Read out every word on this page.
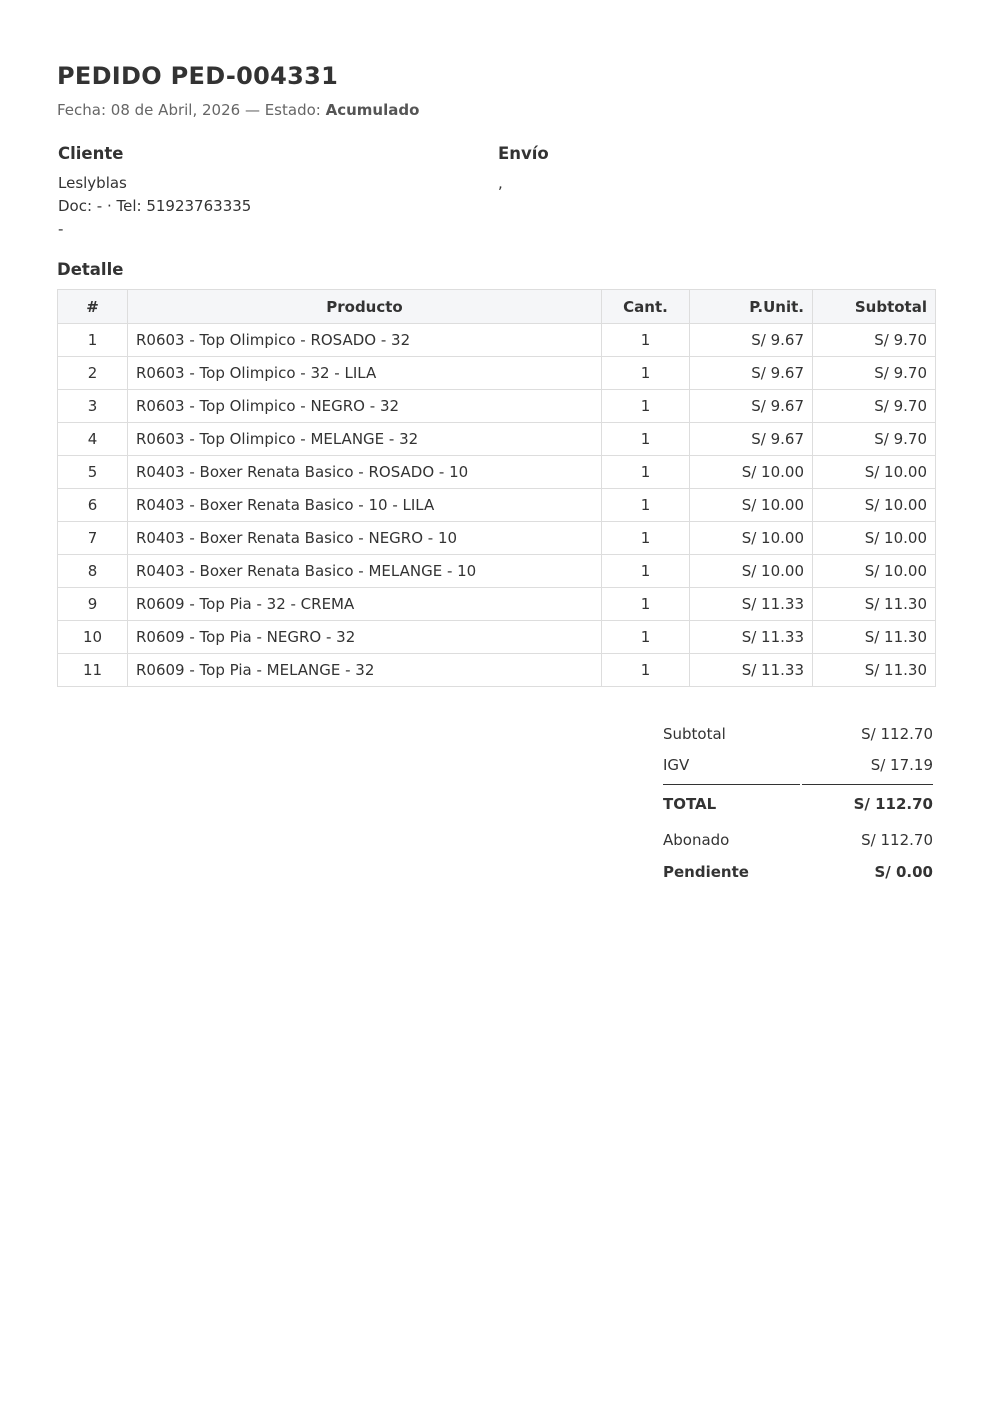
PEDIDO PED-004331
Fecha: 08 de Abril, 2026 — Estado: Acumulado
Cliente
Leslyblas
Doc: - · Tel: 51923763335
-
Envío
,
Detalle
#	Producto	Cant.	P.Unit.	Subtotal
1	R0603 - Top Olimpico - ROSADO - 32	1	S/ 9.67	S/ 9.70
2	R0603 - Top Olimpico - 32 - LILA	1	S/ 9.67	S/ 9.70
3	R0603 - Top Olimpico - NEGRO - 32	1	S/ 9.67	S/ 9.70
4	R0603 - Top Olimpico - MELANGE - 32	1	S/ 9.67	S/ 9.70
5	R0403 - Boxer Renata Basico - ROSADO - 10	1	S/ 10.00	S/ 10.00
6	R0403 - Boxer Renata Basico - 10 - LILA	1	S/ 10.00	S/ 10.00
7	R0403 - Boxer Renata Basico - NEGRO - 10	1	S/ 10.00	S/ 10.00
8	R0403 - Boxer Renata Basico - MELANGE - 10	1	S/ 10.00	S/ 10.00
9	R0609 - Top Pia - 32 - CREMA	1	S/ 11.33	S/ 11.30
10	R0609 - Top Pia - NEGRO - 32	1	S/ 11.33	S/ 11.30
11	R0609 - Top Pia - MELANGE - 32	1	S/ 11.33	S/ 11.30
Subtotal	S/ 112.70
IGV	S/ 17.19
TOTAL	S/ 112.70
Abonado	S/ 112.70
Pendiente	S/ 0.00
